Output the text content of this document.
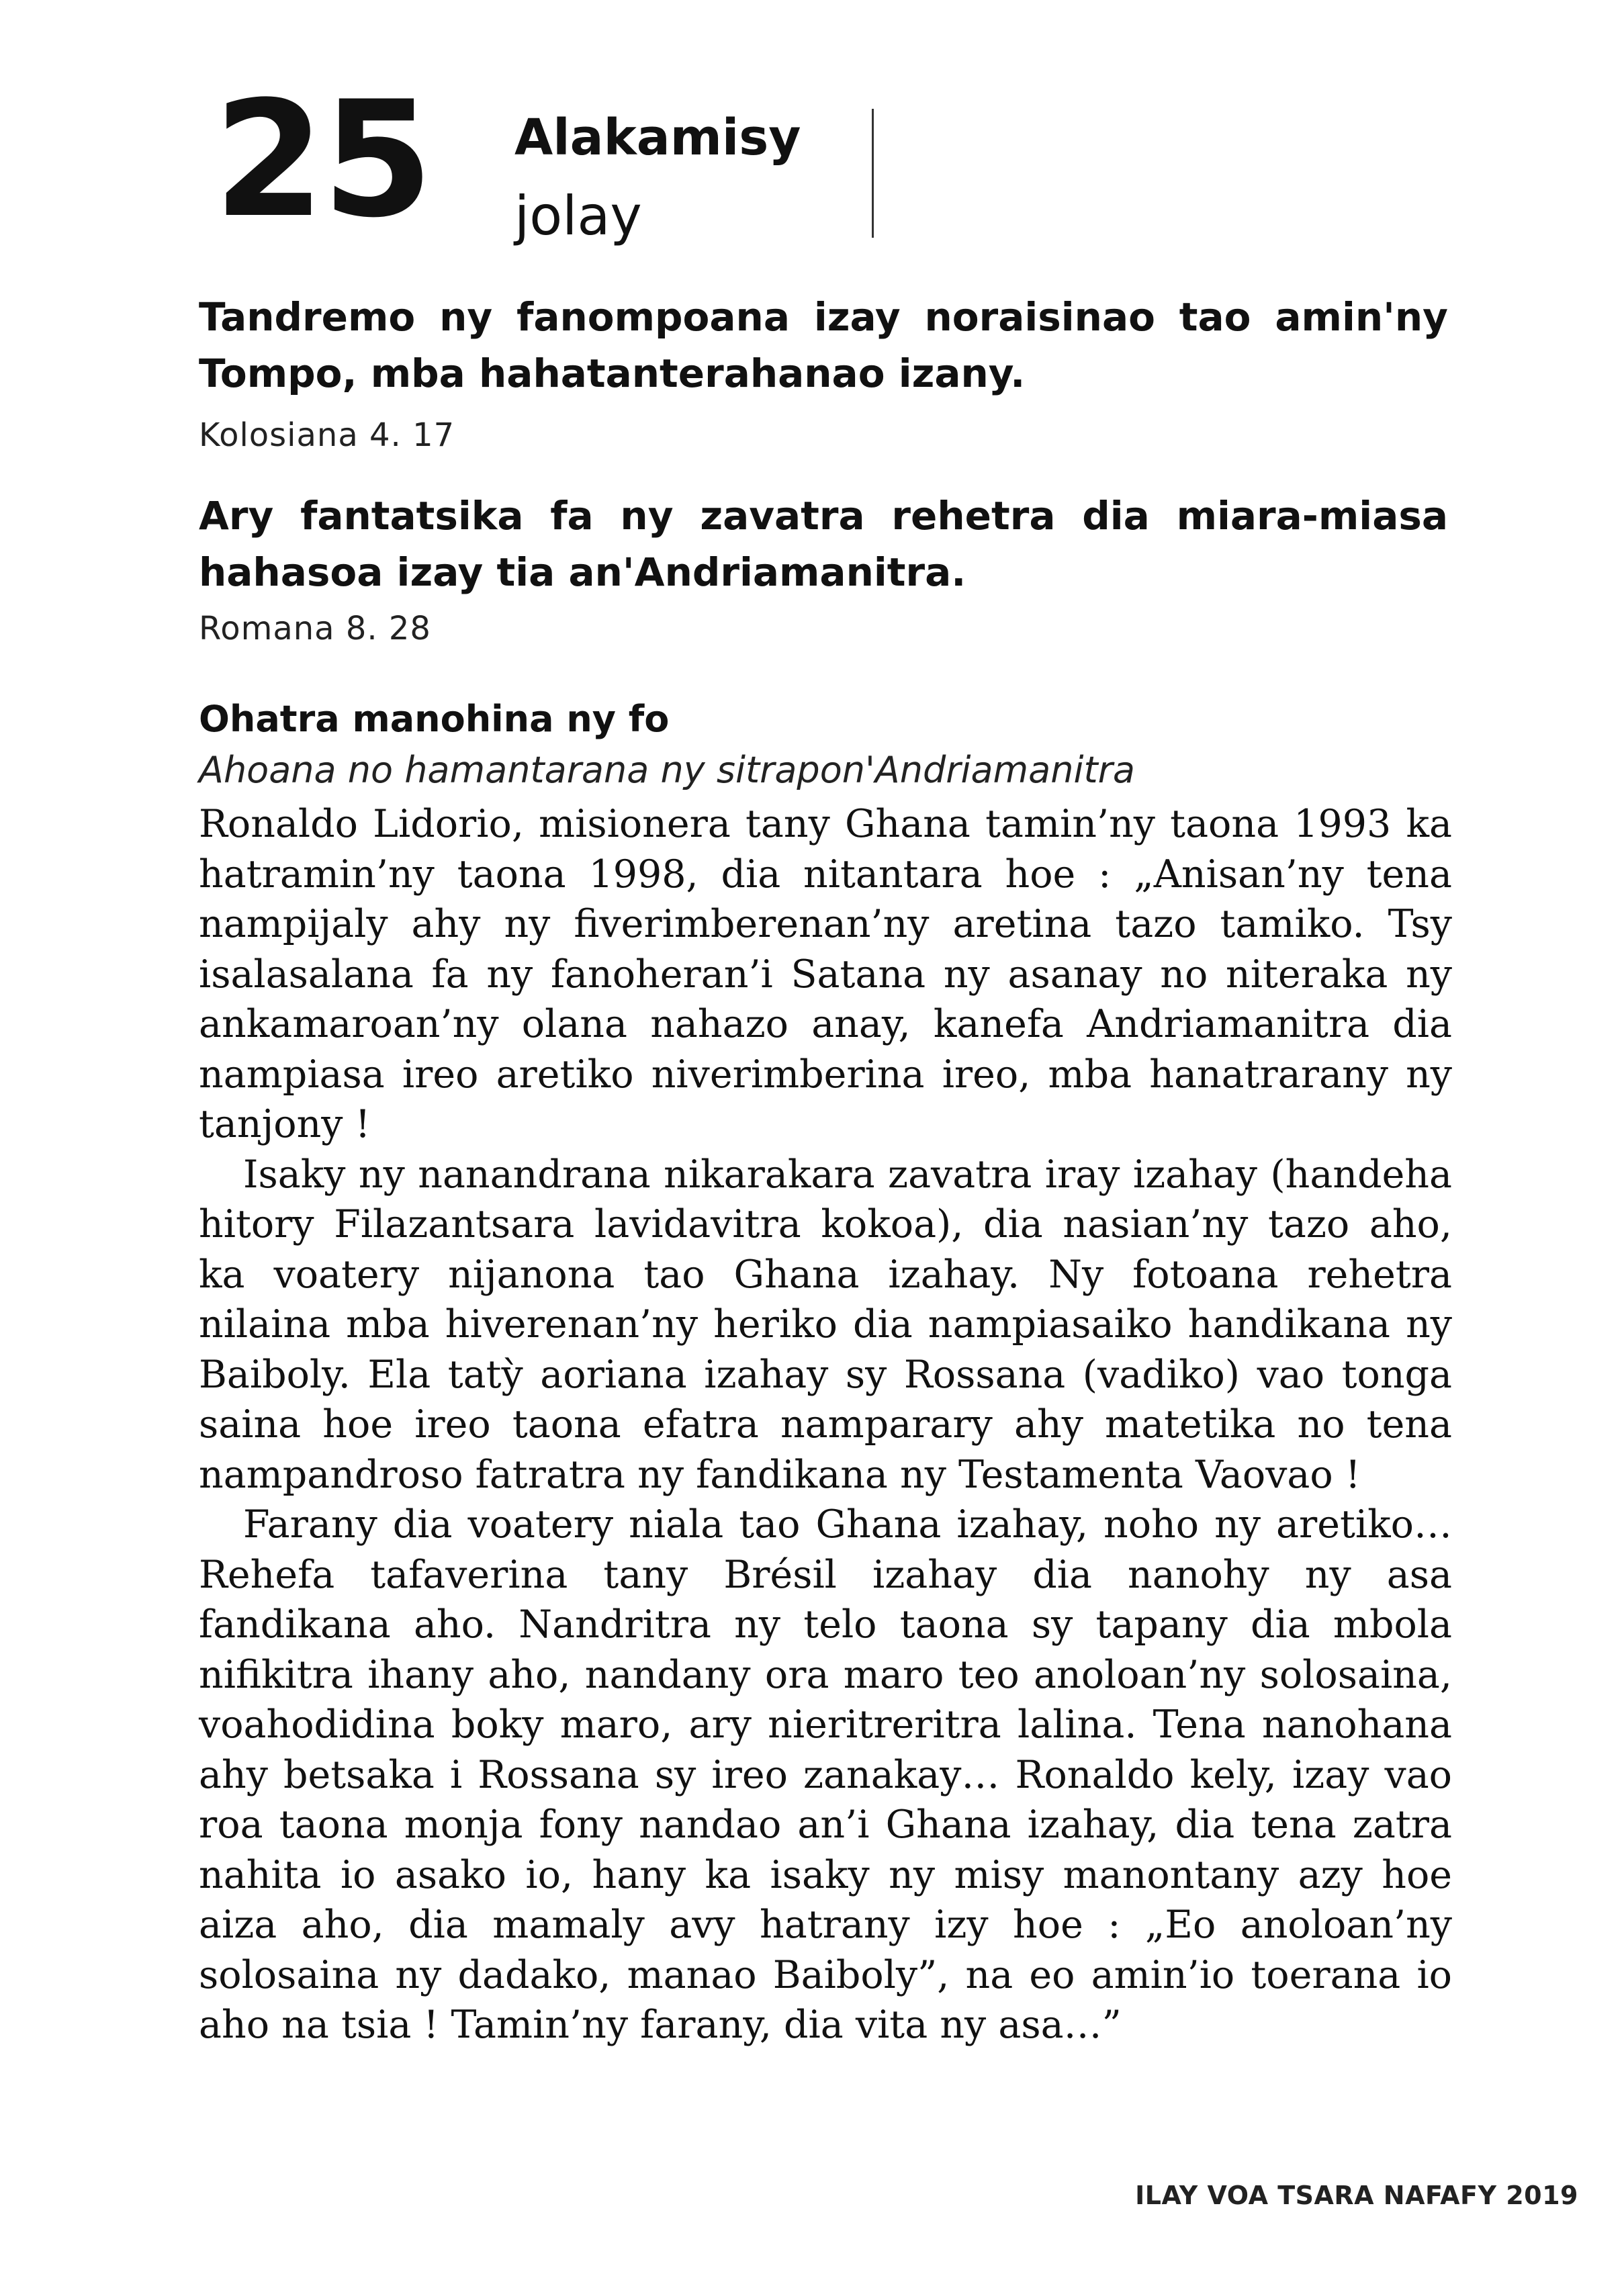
25 Alakamisy
jolay
Tandremo ny fanompoana izay noraisinao tao amin'ny Tompo, mba hahatanterahanao izany.
Kolosiana 4. 17
Ary fantatsika fa ny zavatra rehetra dia miara-miasa hahasoa izay tia an'Andriamanitra.
Romana 8. 28
Ohatra manohina ny fo
Ahoana no hamantarana ny sitrapon'Andriamanitra

Ronaldo Lidorio, misionera tany Ghana tamin’ny taona 1993 ka hatramin’ny taona 1998, dia nitantara hoe : „Anisan’ny tena nampijaly ahy ny fiverimberenan’ny aretina tazo tamiko. Tsy isalasalana fa ny fanoheran’i Satana ny asanay no niteraka ny ankamaroan’ny olana nahazo anay, kanefa Andriamanitra dia nampiasa ireo aretiko niverimberina ireo, mba hanatrarany ny tanjony !

Isaky ny nanandrana nikarakara zavatra iray izahay (handeha hitory Filazantsara lavidavitra kokoa), dia nasian’ny tazo aho, ka voatery nijanona tao Ghana izahay. Ny fotoana rehetra nilaina mba hiverenan’ny heriko dia nampiasaiko handikana ny Baiboly. Ela tatỳ aoriana izahay sy Rossana (vadiko) vao tonga saina hoe ireo taona efatra namparary ahy matetika no tena nampandroso fatratra ny fandikana ny Testamenta Vaovao !

Farany dia voatery niala tao Ghana izahay, noho ny aretiko… Rehefa tafaverina tany Brésil izahay dia nanohy ny asa fandikana aho. Nandritra ny telo taona sy tapany dia mbola nifikitra ihany aho, nandany ora maro teo anoloan’ny solosaina, voahodidina boky maro, ary nieritreritra lalina. Tena nanohana ahy betsaka i Rossana sy ireo zanakay… Ronaldo kely, izay vao roa taona monja fony nandao an’i Ghana izahay, dia tena zatra nahita io asako io, hany ka isaky ny misy manontany azy hoe aiza aho, dia mamaly avy hatrany izy hoe : „Eo anoloan’ny solosaina ny dadako, manao Baiboly”, na eo amin’io toerana io aho na tsia ! Tamin’ny farany, dia vita ny asa…”

ILAY VOA TSARA NAFAFY 2019
